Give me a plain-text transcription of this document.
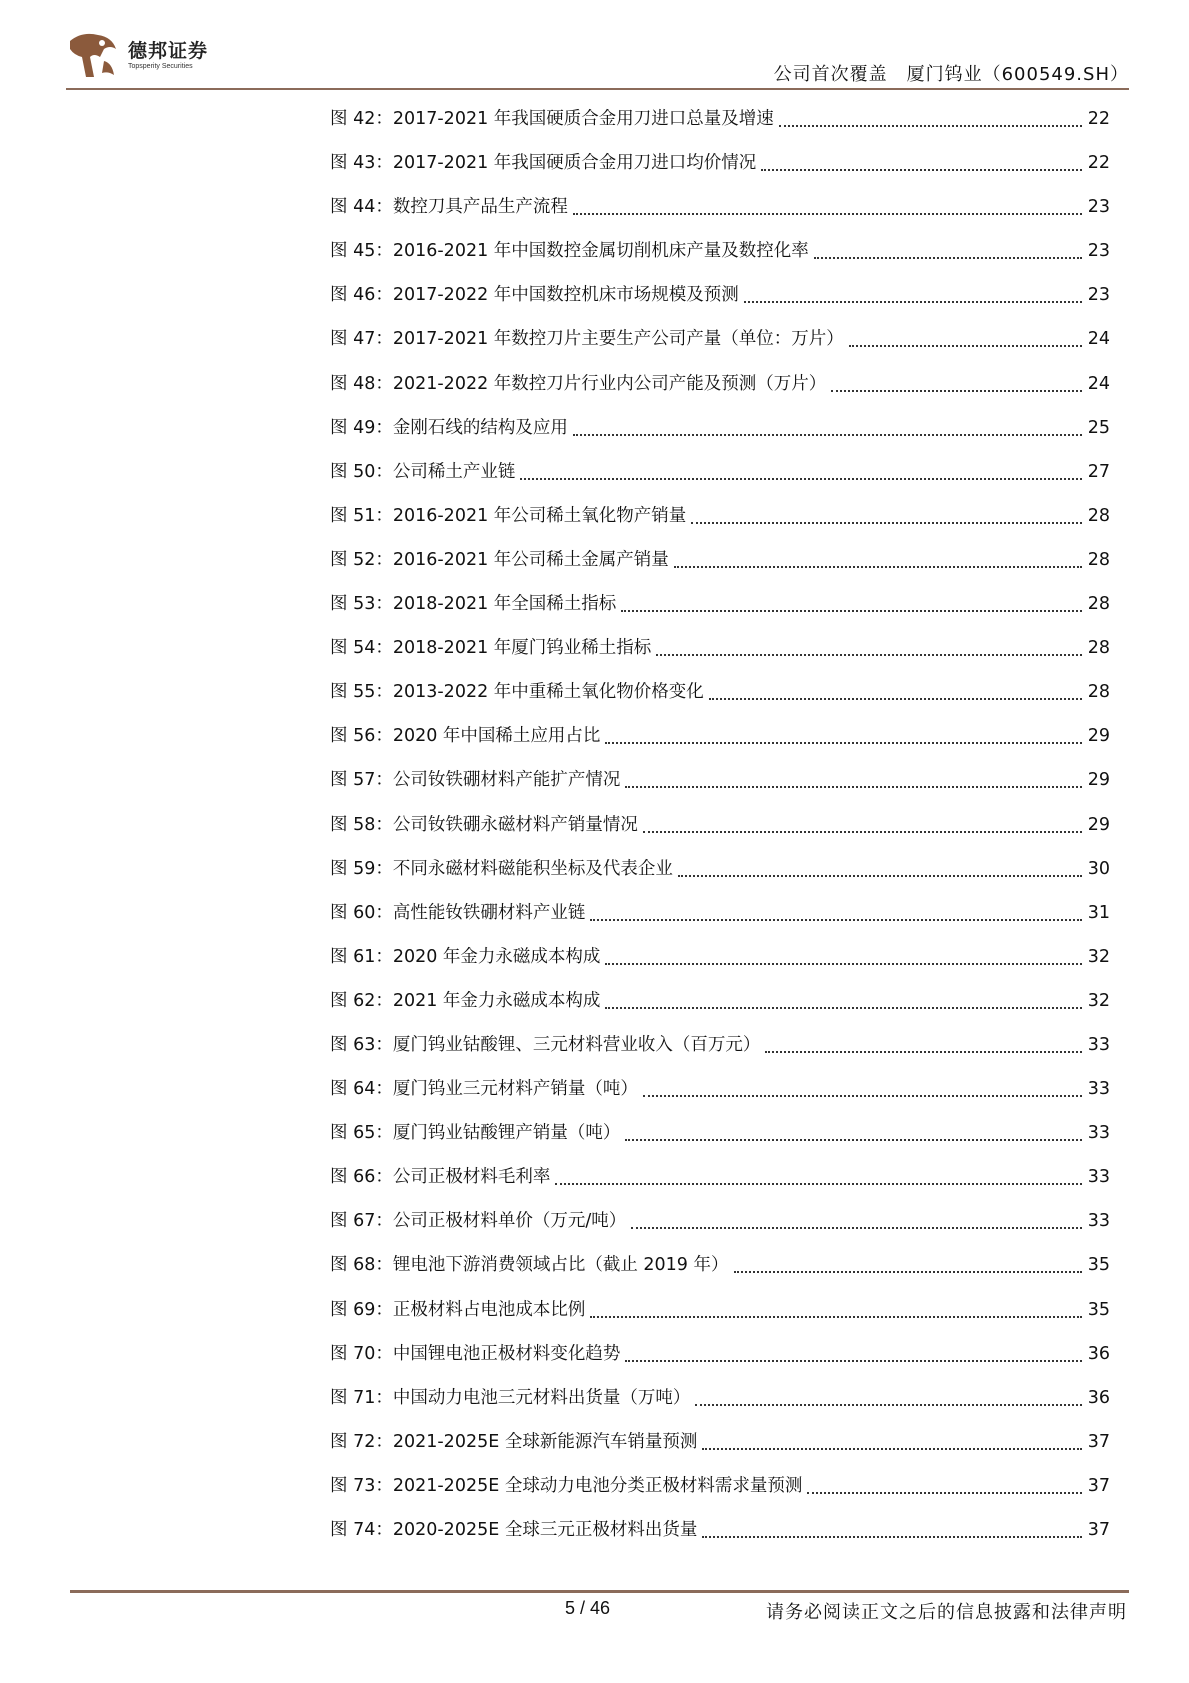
德邦证券
Topsperity Securities	公司首次覆盖　厦门钨业（600549.SH）
图 42：2017-2021 年我国硬质合金用刀进口总量及增速	22
图 43：2017-2021 年我国硬质合金用刀进口均价情况	22
图 44：数控刀具产品生产流程	23
图 45：2016-2021 年中国数控金属切削机床产量及数控化率	23
图 46：2017-2022 年中国数控机床市场规模及预测	23
图 47：2017-2021 年数控刀片主要生产公司产量（单位：万片）	24
图 48：2021-2022 年数控刀片行业内公司产能及预测（万片）	24
图 49：金刚石线的结构及应用	25
图 50：公司稀土产业链	27
图 51：2016-2021 年公司稀土氧化物产销量	28
图 52：2016-2021 年公司稀土金属产销量	28
图 53：2018-2021 年全国稀土指标	28
图 54：2018-2021 年厦门钨业稀土指标	28
图 55：2013-2022 年中重稀土氧化物价格变化	28
图 56：2020 年中国稀土应用占比	29
图 57：公司钕铁硼材料产能扩产情况	29
图 58：公司钕铁硼永磁材料产销量情况	29
图 59：不同永磁材料磁能积坐标及代表企业	30
图 60：高性能钕铁硼材料产业链	31
图 61：2020 年金力永磁成本构成	32
图 62：2021 年金力永磁成本构成	32
图 63：厦门钨业钴酸锂、三元材料营业收入（百万元）	33
图 64：厦门钨业三元材料产销量（吨）	33
图 65：厦门钨业钴酸锂产销量（吨）	33
图 66：公司正极材料毛利率	33
图 67：公司正极材料单价（万元/吨）	33
图 68：锂电池下游消费领域占比（截止 2019 年）	35
图 69：正极材料占电池成本比例	35
图 70：中国锂电池正极材料变化趋势	36
图 71：中国动力电池三元材料出货量（万吨）	36
图 72：2021-2025E 全球新能源汽车销量预测	37
图 73：2021-2025E 全球动力电池分类正极材料需求量预测	37
图 74：2020-2025E 全球三元正极材料出货量	37
5 / 46	请务必阅读正文之后的信息披露和法律声明
